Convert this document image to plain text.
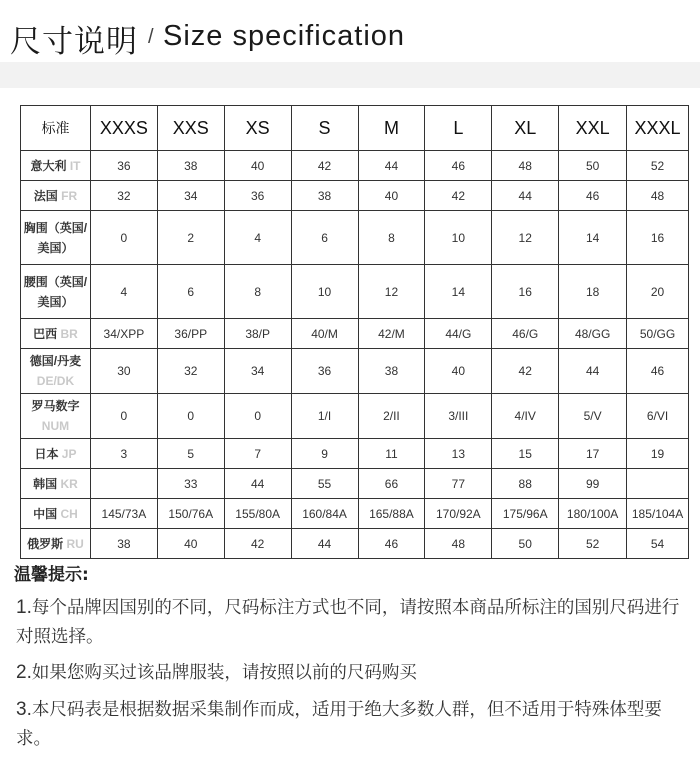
尺寸说明 / Size specification
标准	XXXS	XXS	XS	S	M	L	XL	XXL	XXXL
意大利 IT	36	38	40	42	44	46	48	50	52
法国 FR	32	34	36	38	40	42	44	46	48
胸围（英国/美国）	0	2	4	6	8	10	12	14	16
腰围（英国/美国）	4	6	8	10	12	14	16	18	20
巴西 BR	34/XPP	36/PP	38/P	40/M	42/M	44/G	46/G	48/GG	50/GG
德国/丹麦 DE/DK	30	32	34	36	38	40	42	44	46
罗马数字 NUM	0	0	0	1/I	2/II	3/III	4/IV	5/V	6/VI
日本 JP	3	5	7	9	11	13	15	17	19
韩国 KR		33	44	55	66	77	88	99	
中国 CH	145/73A	150/76A	155/80A	160/84A	165/88A	170/92A	175/96A	180/100A	185/104A
俄罗斯 RU	38	40	42	44	46	48	50	52	54
温馨提示:
1.每个品牌因国别的不同，尺码标注方式也不同，请按照本商品所标注的国别尺码进行对照选择。
2.如果您购买过该品牌服装，请按照以前的尺码购买
3.本尺码表是根据数据采集制作而成，适用于绝大多数人群，但不适用于特殊体型要求。
